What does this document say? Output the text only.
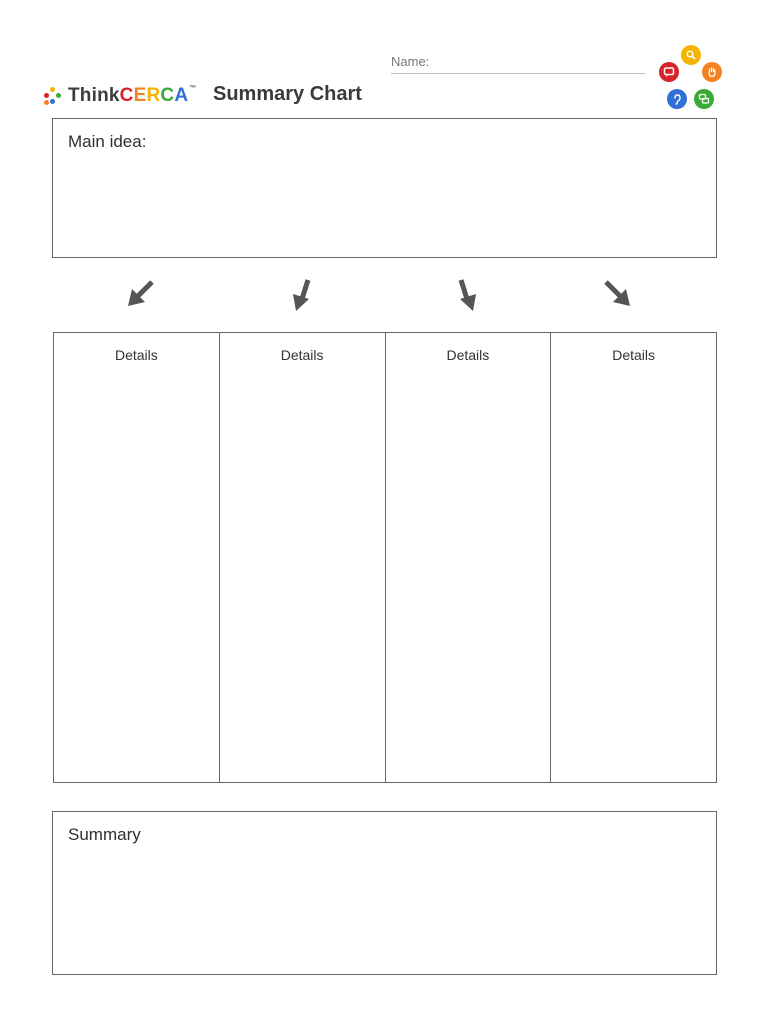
ThinkCERCA™ Summary Chart
Name:
Main idea:
Details	Details	Details	Details
Summary
